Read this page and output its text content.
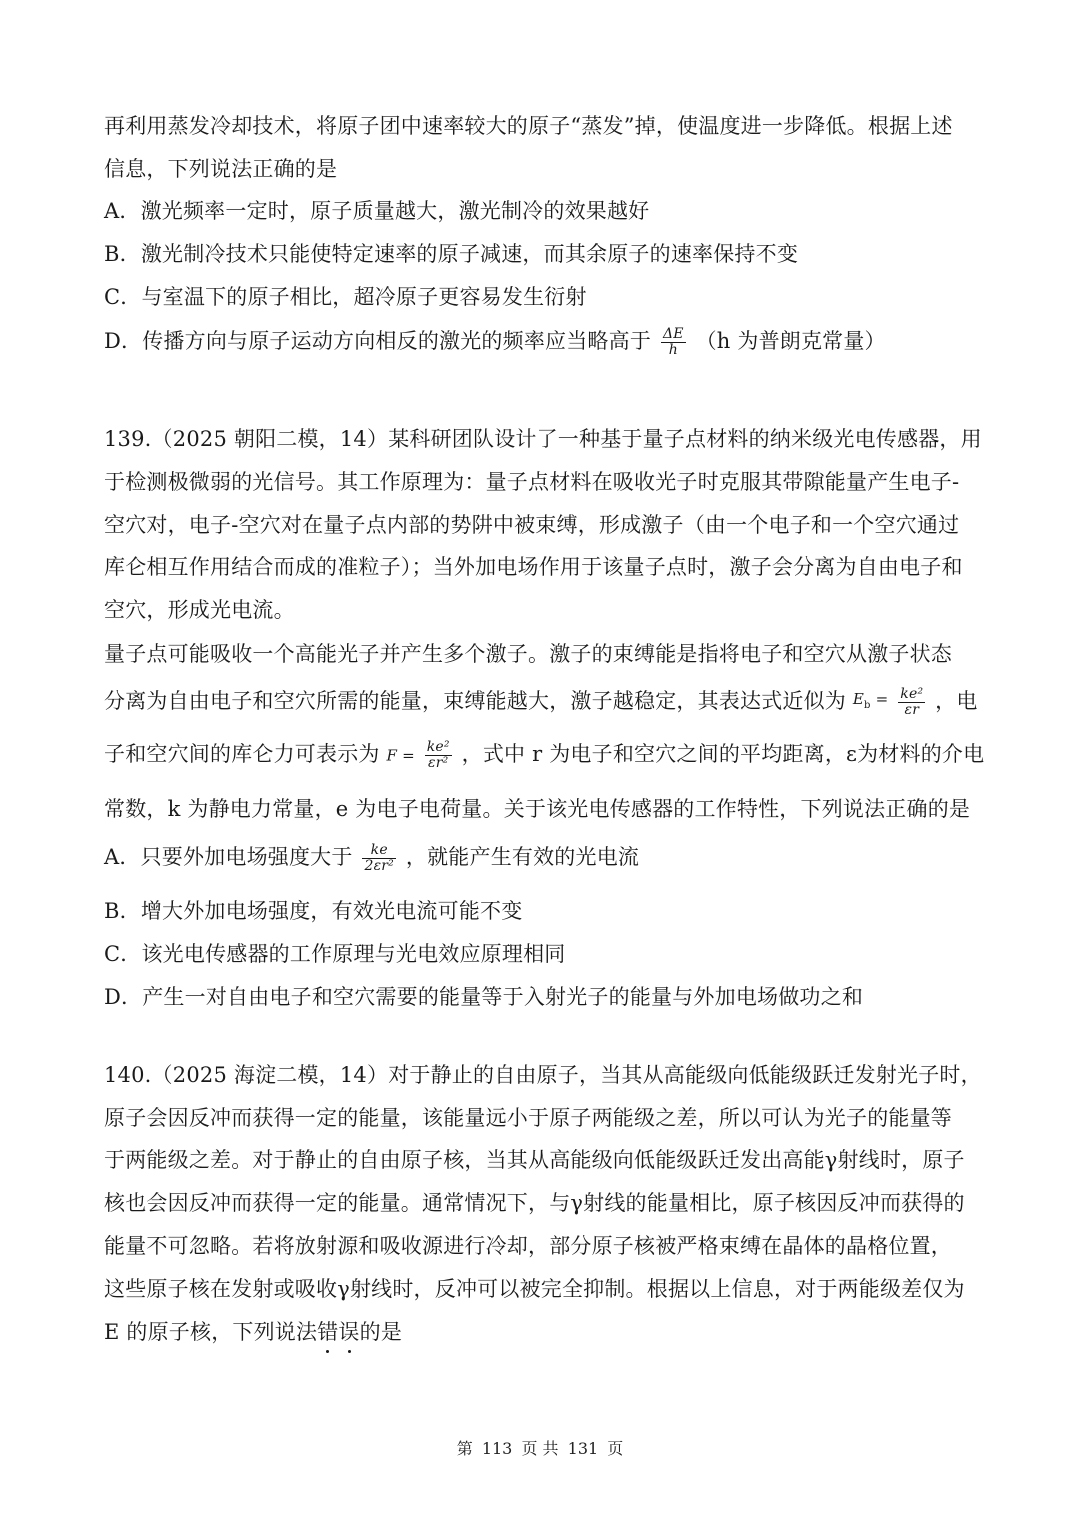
再利用蒸发冷却技术，将原子团中速率较大的原子“蒸发”掉，使温度进一步降低。根据上述
信息，下列说法正确的是
A．激光频率一定时，原子质量越大，激光制冷的效果越好
B．激光制冷技术只能使特定速率的原子减速，而其余原子的速率保持不变
C．与室温下的原子相比，超冷原子更容易发生衍射
D．传播方向与原子运动方向相反的激光的频率应当略高于 $\frac{\Delta E}{h} (h$ 为普朗克常量）
139.（2025 朝阳二模，14）某科研团队设计了一种基于量子点材料的纳米级光电传感器，用
于检测极微弱的光信号。其工作原理为：量子点材料在吸收光子时克服其带隙能量产生电子-
空穴对，电子-空穴对在量子点内部的势阱中被束缚，形成激子（由一个电子和一个空穴通过
库仑相互作用结合而成的准粒子）；当外加电场作用于该量子点时，激子会分离为自由电子和
空穴，形成光电流。
量子点可能吸收一个高能光子并产生多个激子。激子的束缚能是指将电子和空穴从激子状态
分离为自由电子和空穴所需的能量，束缚能越大，激子越稳定，其表达式近似为 $E_b = \frac{\text{ke²}}{\varepsilon r}$ ，电
子和空穴间的库仑力可表示为 $F = \frac{\text{ke²}}{\text{εr²}}$ ，式中 r 为电子和空穴之间的平均距离，ε为材料的介电
常数，k 为静电力常量，e 为电子电荷量。关于该光电传感器的工作特性，下列说法正确的是
A．只要外加电场强度大于 $\frac{ke}{\text{2εr²}}$ ，就能产生有效的光电流
B．增大外加电场强度，有效光电流可能不变
C．该光电传感器的工作原理与光电效应原理相同
D．产生一对自由电子和空穴需要的能量等于入射光子的能量与外加电场做功之和
140.（2025 海淀二模，14）对于静止的自由原子，当其从高能级向低能级跃迁发射光子时，
原子会因反冲而获得一定的能量，该能量远小于原子两能级之差，所以可认为光子的能量等
于两能级之差。对于静止的自由原子核，当其从高能级向低能级跃迁发出高能γ射线时，原子
核也会因反冲而获得一定的能量。通常情况下，与γ射线的能量相比，原子核因反冲而获得的
能量不可忽略。若将放射源和吸收源进行冷却，部分原子核被严格束缚在晶体的晶格位置，
这些原子核在发射或吸收γ射线时，反冲可以被完全抑制。根据以上信息，对于两能级差仅为
E 的原子核，下列说法错
误
的是
第 113 页 共 131 页
